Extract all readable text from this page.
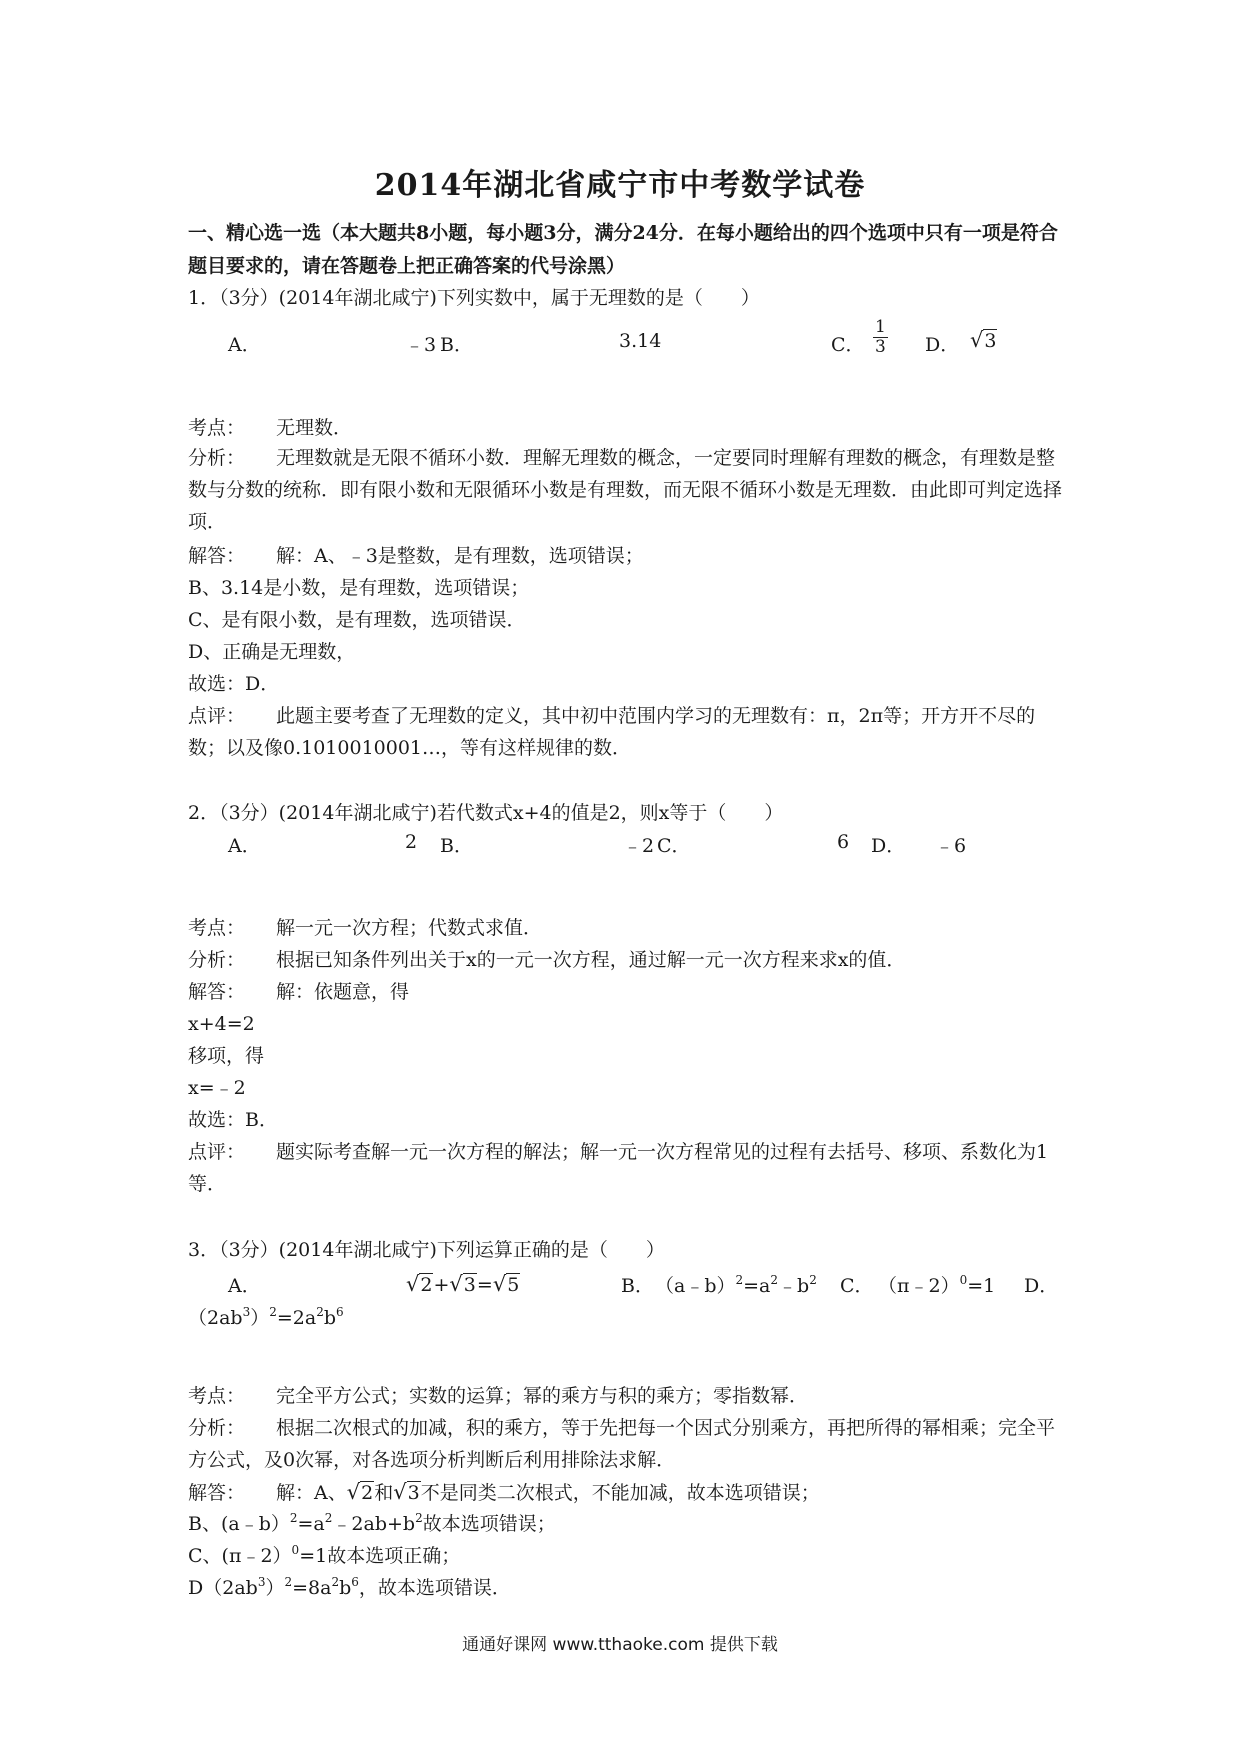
2014年湖北省咸宁市中考数学试卷
一、精心选一选（本大题共8小题，每小题3分，满分24分．在每小题给出的四个选项中只有一项是符合题目要求的，请在答题卷上把正确答案的代号涂黑）
1．（3分）(2014年湖北咸宁)下列实数中，属于无理数的是（　　）
A．	﹣3 B．	3.14	C． $\frac{1}{3}$ D． √3
考点： 无理数．
分析： 无理数就是无限不循环小数．理解无理数的概念，一定要同时理解有理数的概念，有理数是整数与分数的统称．即有限小数和无限循环小数是有理数，而无限不循环小数是无理数．由此即可判定选择项．
解答： 解：A、﹣3是整数，是有理数，选项错误；
B、3.14是小数，是有理数，选项错误；
C、是有限小数，是有理数，选项错误．
D、正确是无理数，
故选：D．
点评： 此题主要考查了无理数的定义，其中初中范围内学习的无理数有：π，2π等；开方开不尽的数；以及像0.1010010001…，等有这样规律的数．
2．（3分）(2014年湖北咸宁)若代数式x+4的值是2，则x等于（　　）
A．	2 B．	﹣2 C．	6 D． ﹣6
考点： 解一元一次方程；代数式求值．
分析： 根据已知条件列出关于x的一元一次方程，通过解一元一次方程来求x的值．
解答： 解：依题意，得
x+4=2
移项，得
x=﹣2
故选：B．
点评： 题实际考查解一元一次方程的解法；解一元一次方程常见的过程有去括号、移项、系数化为1等．
3．（3分）(2014年湖北咸宁)下列运算正确的是（　　）
A．	√2+√3=√5	B． $(a﹣b)^2=a^2﹣b^2$ C． （π﹣2）$^0$=1 D．
$(2ab^3)^2=2a^2b^6$
考点： 完全平方公式；实数的运算；幂的乘方与积的乘方；零指数幂．
分析： 根据二次根式的加减，积的乘方，等于先把每一个因式分别乘方，再把所得的幂相乘；完全平方公式，及0次幂，对各选项分析判断后利用排除法求解．
解答： 解：A、√2和√3不是同类二次根式，不能加减，故本选项错误；
B、$(a﹣b)^2=a^2﹣2ab+b^2$故本选项错误；
C、(π﹣2）$^0$=1故本选项正确；
$D(2ab^3)^2=8a^2b^6$，故本选项错误．
通通好课网 www.tthaoke.com 提供下载
